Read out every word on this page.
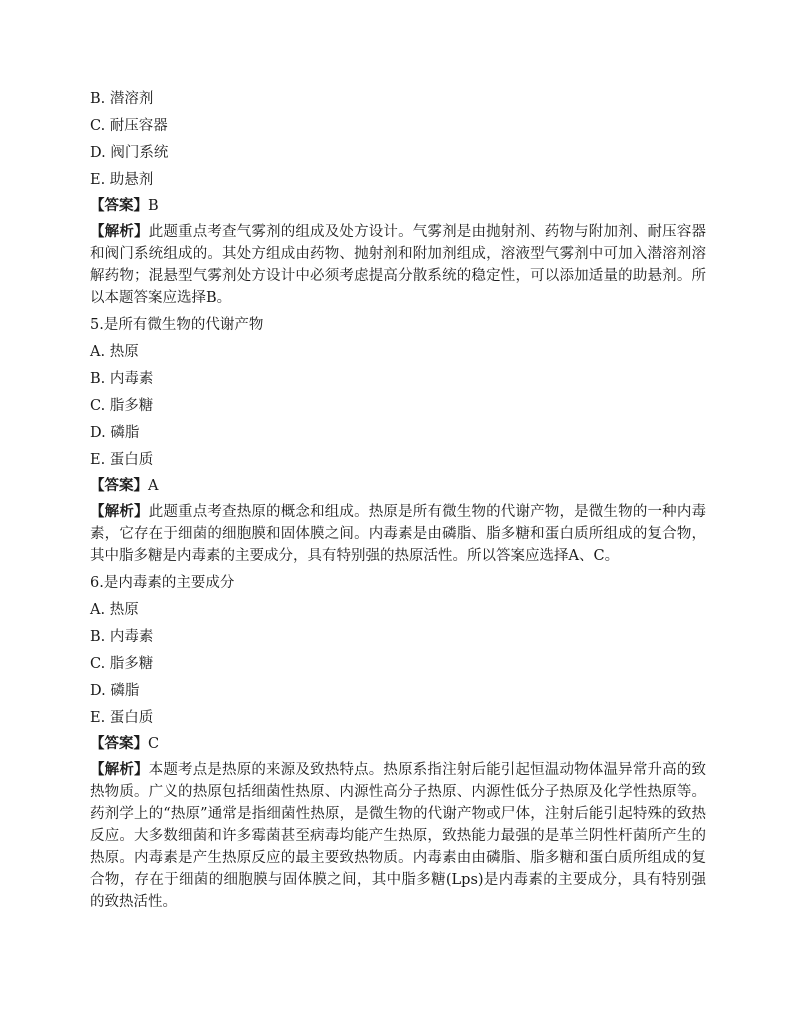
B. 潜溶剂
C. 耐压容器
D. 阀门系统
E. 助悬剂
【答案】B
【解析】此题重点考查气雾剂的组成及处方设计。气雾剂是由抛射剂、药物与附加剂、耐压容器和阀门系统组成的。其处方组成由药物、抛射剂和附加剂组成，溶液型气雾剂中可加入潜溶剂溶解药物；混悬型气雾剂处方设计中必须考虑提高分散系统的稳定性，可以添加适量的助悬剂。所以本题答案应选择B。
5.是所有微生物的代谢产物
A. 热原
B. 内毒素
C. 脂多糖
D. 磷脂
E. 蛋白质
【答案】A
【解析】此题重点考查热原的概念和组成。热原是所有微生物的代谢产物，是微生物的一种内毒素，它存在于细菌的细胞膜和固体膜之间。内毒素是由磷脂、脂多糖和蛋白质所组成的复合物，其中脂多糖是内毒素的主要成分，具有特别强的热原活性。所以答案应选择A、C。
6.是内毒素的主要成分
A. 热原
B. 内毒素
C. 脂多糖
D. 磷脂
E. 蛋白质
【答案】C
【解析】本题考点是热原的来源及致热特点。热原系指注射后能引起恒温动物体温异常升高的致热物质。广义的热原包括细菌性热原、内源性高分子热原、内源性低分子热原及化学性热原等。药剂学上的“热原”通常是指细菌性热原，是微生物的代谢产物或尸体，注射后能引起特殊的致热反应。大多数细菌和许多霉菌甚至病毒均能产生热原，致热能力最强的是革兰阴性杆菌所产生的热原。内毒素是产生热原反应的最主要致热物质。内毒素由由磷脂、脂多糖和蛋白质所组成的复合物，存在于细菌的细胞膜与固体膜之间，其中脂多糖(Lps)是内毒素的主要成分，具有特别强的致热活性。
